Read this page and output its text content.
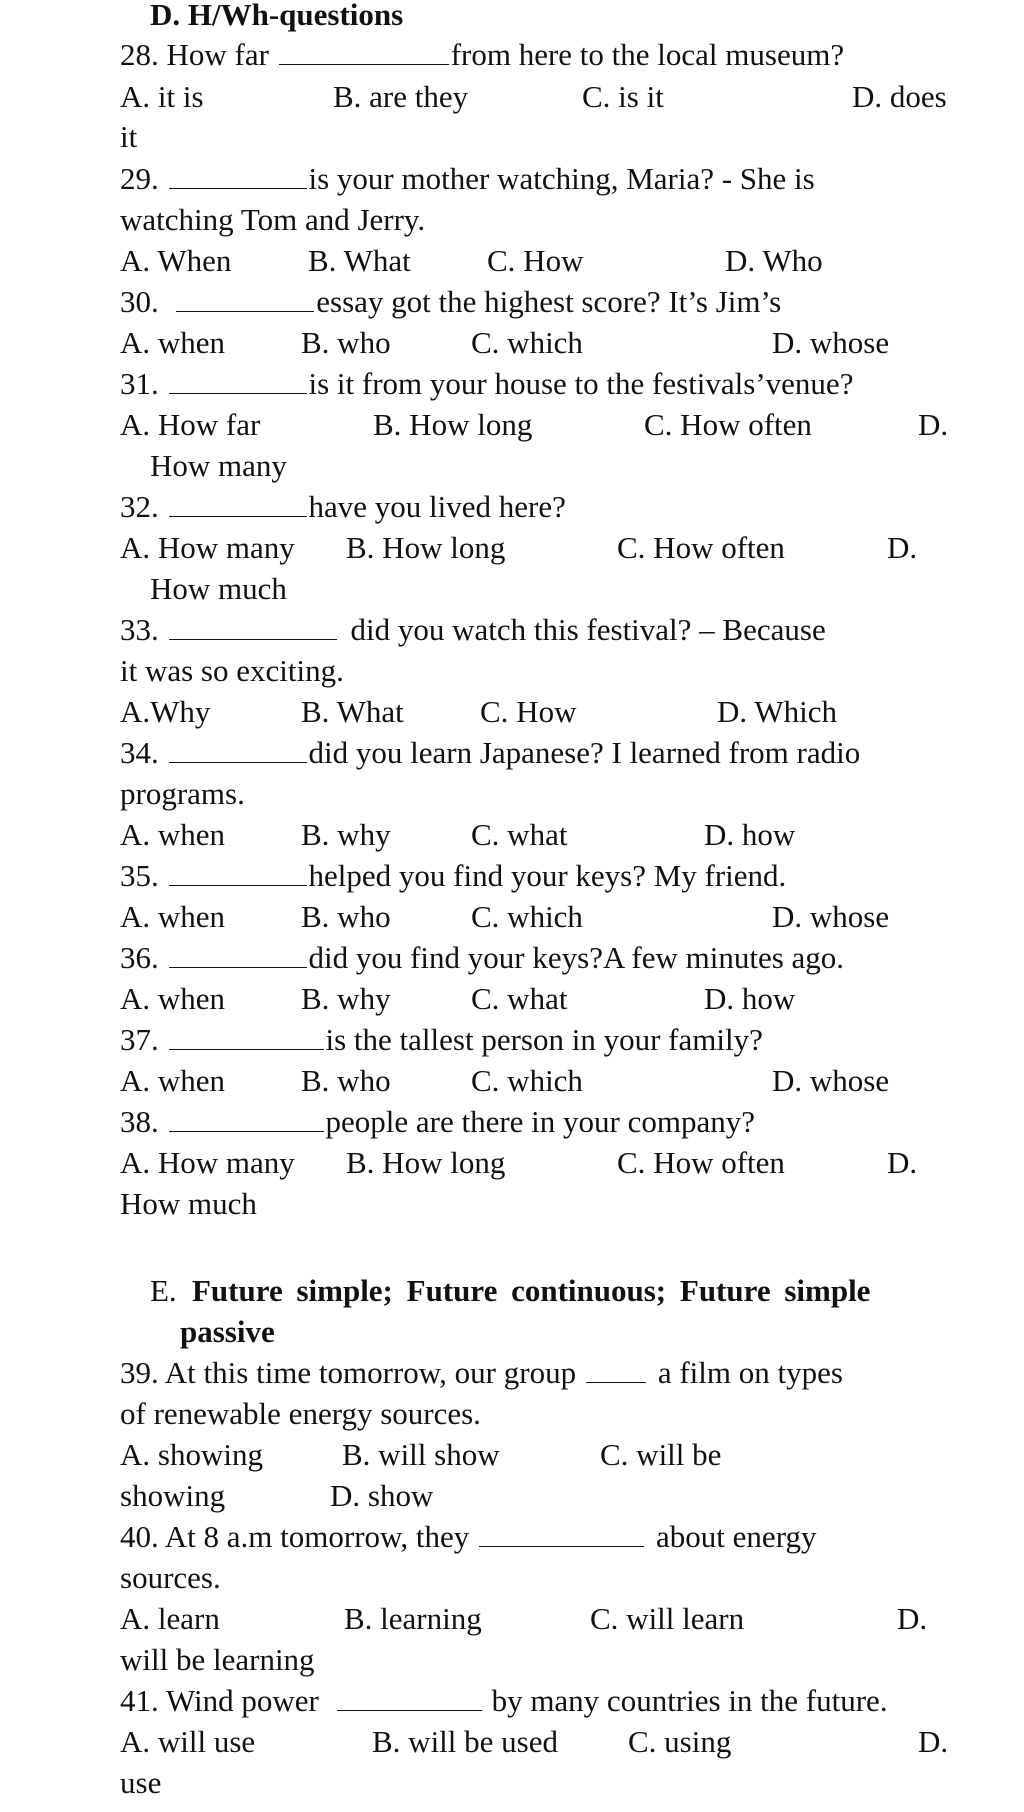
D. H/Wh-questions
28. How far	from here to the local museum?
A. it is	B. are they	C. is it	D. does
it
29.	is your mother watching, Maria? - She is
watching Tom and Jerry.
A. When B. What C. How	D. Who
30.	essay got the highest score? It’s Jim’s
A. when B. who	C. which	D. whose
31.	is it from your house to the festivals’venue?
A. How far	B. How long	C. How often	D.
How many
32.	have you lived here?
A. How many B. How long	C. How often	D.
How much
33.	did you watch this festival? – Because
it was so exciting.
A.Why	B. What C. How	D. Which
34.	did you learn Japanese? I learned from radio
programs.
A. when B. why	C. what	D. how
35.	helped you find your keys? My friend.
A. when B. who	C. which	D. whose
36.	did you find your keys?A few minutes ago.
A. when B. why	C. what	D. how
37.	is the tallest person in your family?
A. when B. who	C. which	D. whose
38.	people are there in your company?
A. How many B. How long	C. How often	D.
How much
E. Future simple; Future continuous; Future simple
passive
39. At this time tomorrow, our group	a film on types
of renewable energy sources.
A. showing	B. will show	C. will be
showing	D. show
40. At 8 a.m tomorrow, they	about energy
sources.
A. learn	B. learning	C. will learn	D.
will be learning
41. Wind power	by many countries in the future.
A. will use	B. will be used C. using	D.
use
